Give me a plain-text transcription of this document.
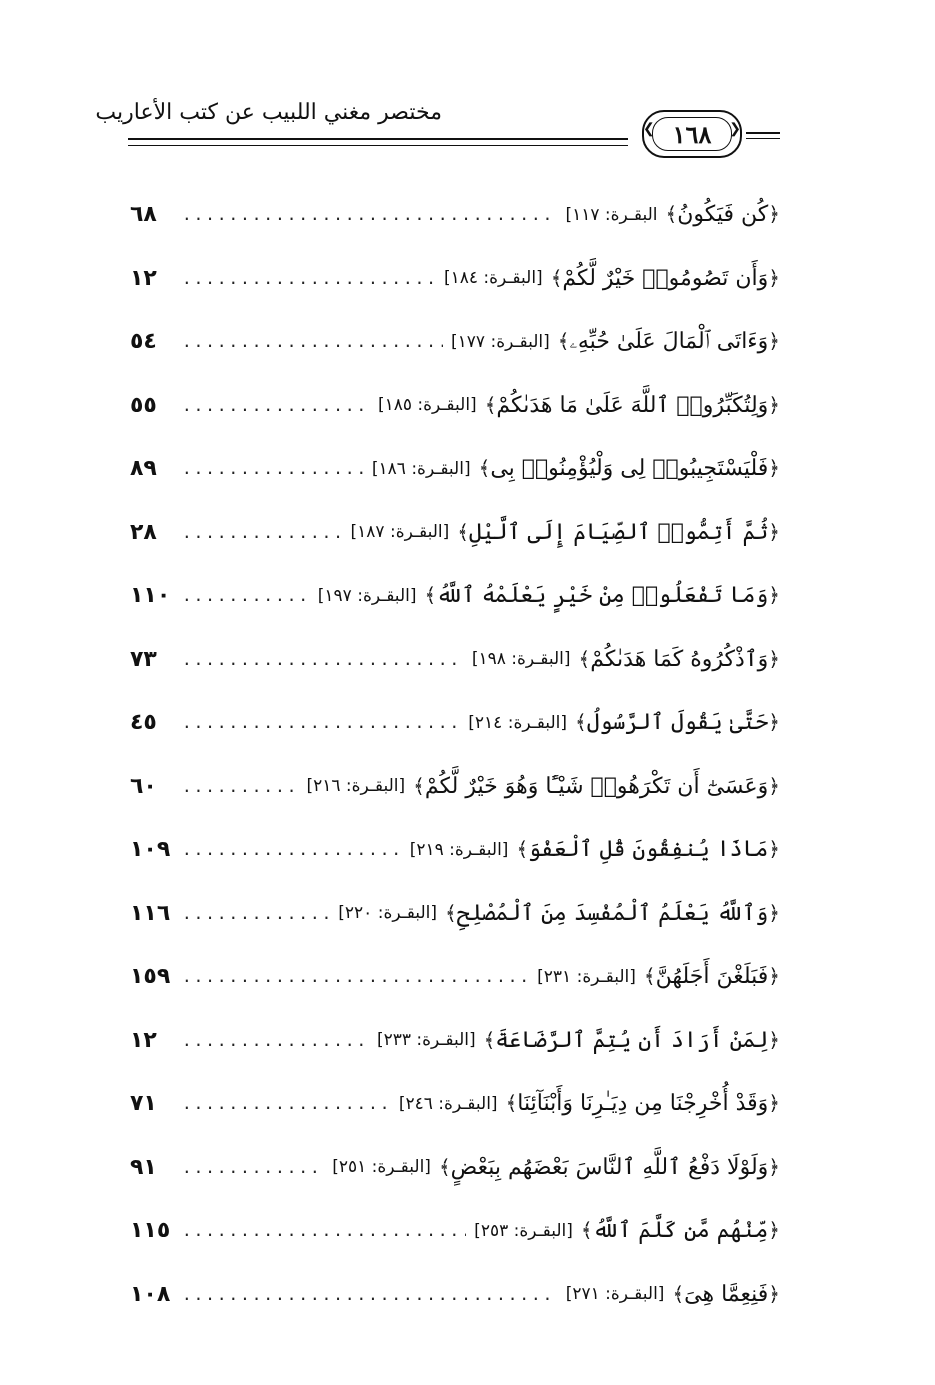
مختصر مغني اللبيب عن كتب الأعاريب
❮ ١٦٨ ❯
﴿كُن فَيَكُونُ﴾
البقـرة: ١١٧]
.....
٦٨
﴿وَأَن تَصُومُوا۟ خَيْرٌ لَّكُمْ﴾
[البقـرة: ١٨٤]
.....
١٢
﴿وَءَاتَى ٱلْمَالَ عَلَىٰ حُبِّهِۦ﴾
[البقـرة: ١٧٧]
.....
٥٤
﴿وَلِتُكَبِّرُوا۟ ٱللَّهَ عَلَىٰ مَا هَدَىٰكُمْ﴾
[البقـرة: ١٨٥]
.....
٥٥
﴿فَلْيَسْتَجِيبُوا۟ لِى وَلْيُؤْمِنُوا۟ بِى﴾
[البقـرة: ١٨٦]
.....
٨٩
﴿ثُمَّ أَتِمُّوا۟ ٱلصِّيَامَ إِلَى ٱلَّيْلِ﴾
[البقـرة: ١٨٧]
.....
٢٨
﴿وَمَا تَفْعَلُوا۟ مِنْ خَيْرٍ يَعْلَمْهُ ٱللَّهُ﴾
[البقـرة: ١٩٧]
.....
١١٠
﴿وَٱذْكُرُوهُ كَمَا هَدَىٰكُمْ﴾
[البقـرة: ١٩٨]
.....
٧٣
﴿حَتَّىٰ يَقُولَ ٱلرَّسُولُ﴾
[البقـرة: ٢١٤]
.....
٤٥
﴿وَعَسَىٰٓ أَن تَكْرَهُوا۟ شَيْـًٔا وَهُوَ خَيْرٌ لَّكُمْ﴾
[البقـرة: ٢١٦]
.....
٦٠
﴿مَاذَا يُنفِقُونَ قُلِ ٱلْعَفْوَ﴾
[البقـرة: ٢١٩]
.....
١٠٩
﴿وَٱللَّهُ يَعْلَمُ ٱلْمُفْسِدَ مِنَ ٱلْمُصْلِحِ﴾
[البقـرة: ٢٢٠]
.....
١١٦
﴿فَبَلَغْنَ أَجَلَهُنَّ﴾
[البقـرة: ٢٣١]
.....
١٥٩
﴿لِمَنْ أَرَادَ أَن يُتِمَّ ٱلرَّضَاعَةَ﴾
[البقـرة: ٢٣٣]
.....
١٢
﴿وَقَدْ أُخْرِجْنَا مِن دِيَـٰرِنَا وَأَبْنَآئِنَا﴾
[البقـرة: ٢٤٦]
.....
٧١
﴿وَلَوْلَا دَفْعُ ٱللَّهِ ٱلنَّاسَ بَعْضَهُم بِبَعْضٍ﴾
[البقـرة: ٢٥١]
.....
٩١
﴿مِّنْهُم مَّن كَلَّمَ ٱللَّهُ﴾
[البقـرة: ٢٥٣]
.....
١١٥
﴿فَنِعِمَّا هِىَ﴾
[البقـرة: ٢٧١]
.....
١٠٨
